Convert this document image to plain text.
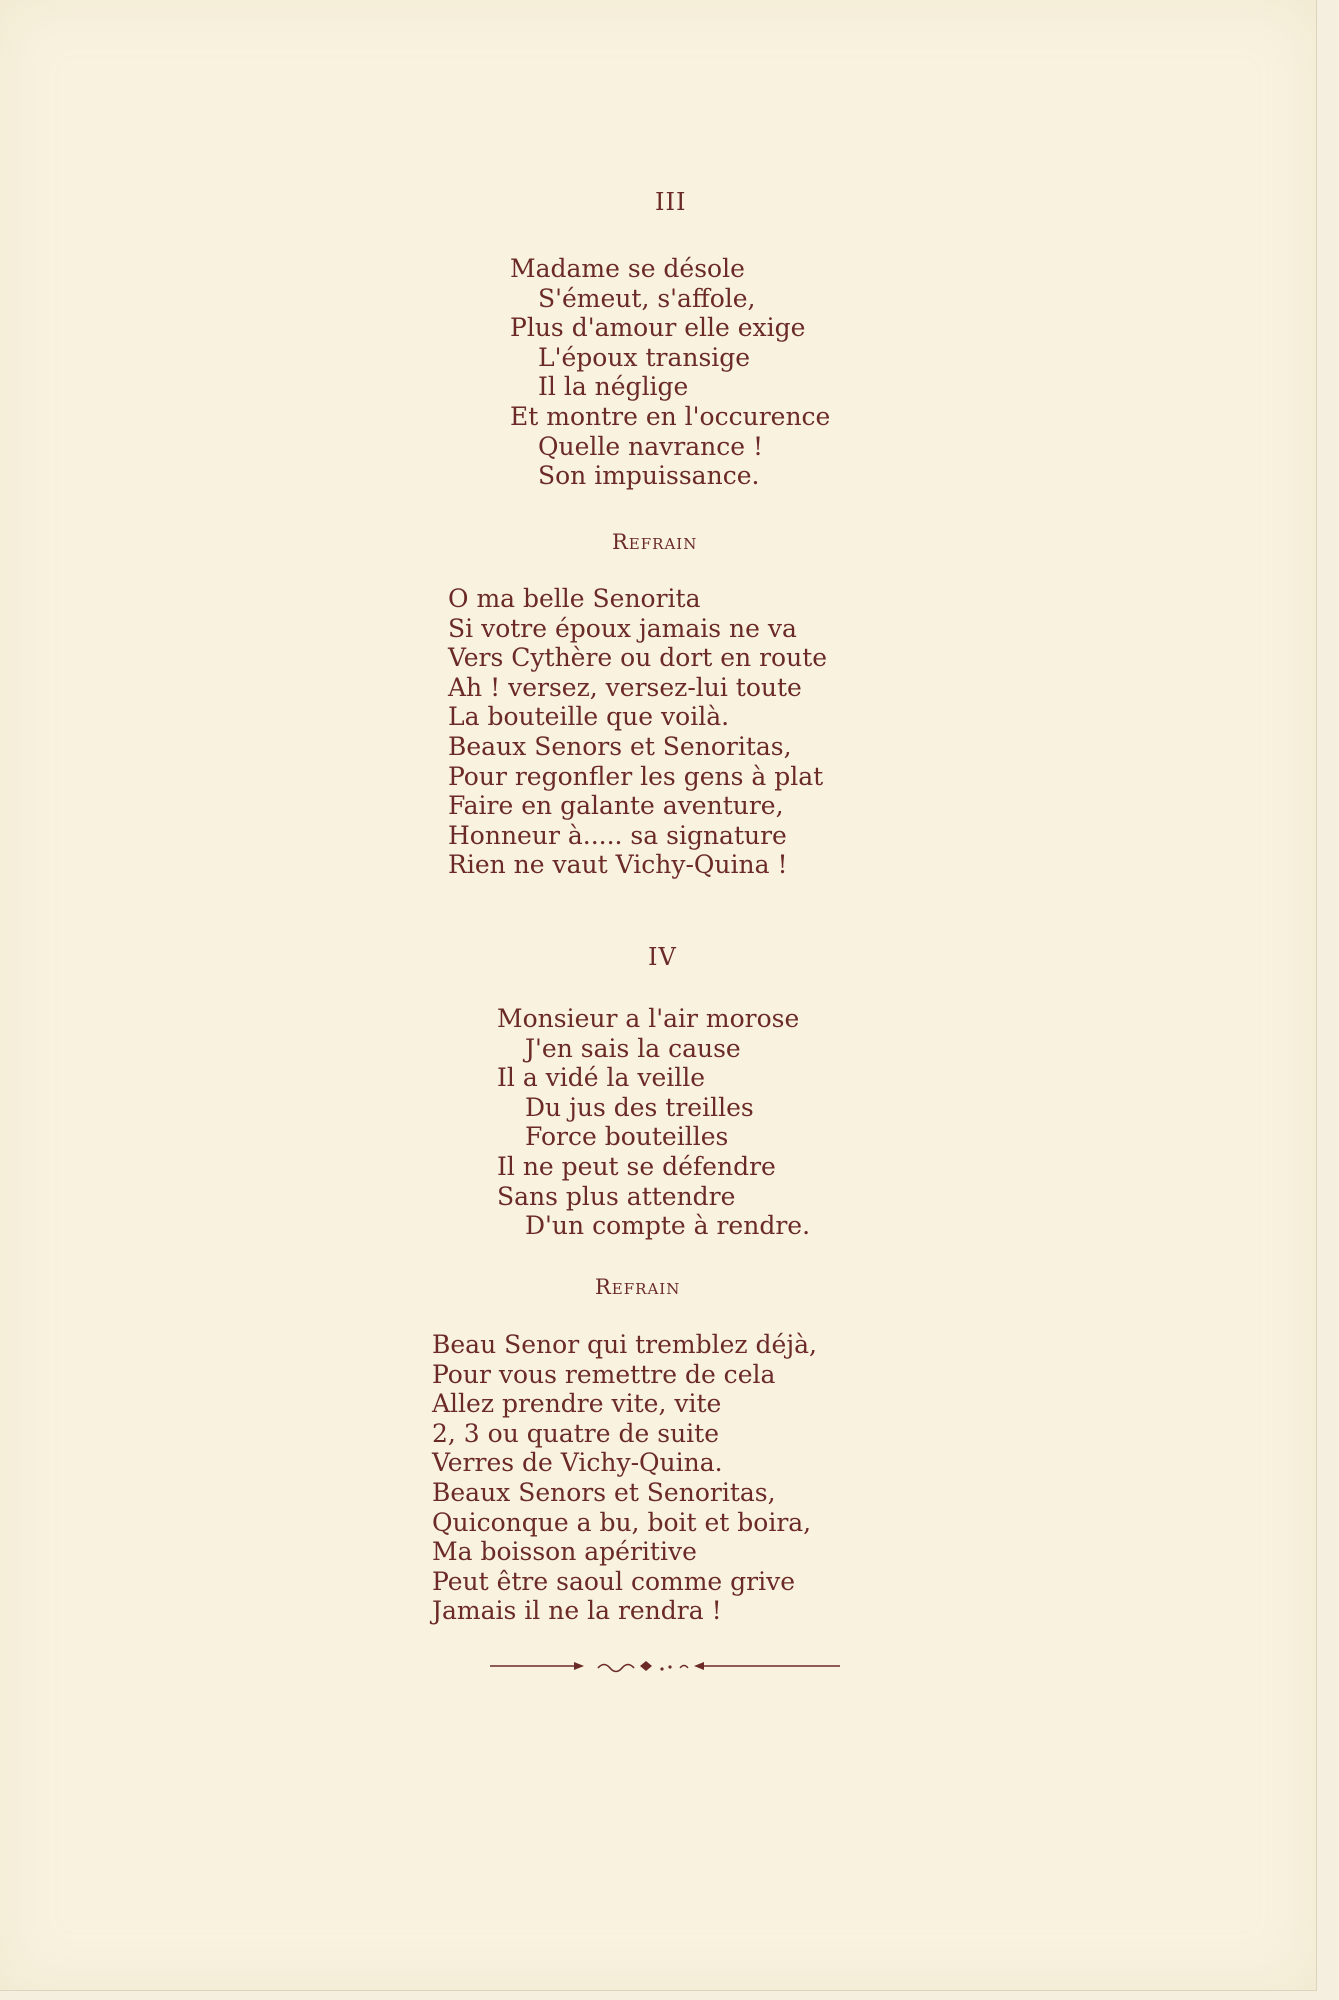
III
Madame se désole
S'émeut, s'affole,
Plus d'amour elle exige
L'époux transige
Il la néglige
Et montre en l'occurence
Quelle navrance !
Son impuissance.
Refrain
O ma belle Senorita
Si votre époux jamais ne va
Vers Cythère ou dort en route
Ah ! versez, versez-lui toute
La bouteille que voilà.
Beaux Senors et Senoritas,
Pour regonfler les gens à plat
Faire en galante aventure,
Honneur à..... sa signature
Rien ne vaut Vichy-Quina !
IV
Monsieur a l'air morose
J'en sais la cause
Il a vidé la veille
Du jus des treilles
Force bouteilles
Il ne peut se défendre
Sans plus attendre
D'un compte à rendre.
Refrain
Beau Senor qui tremblez déjà,
Pour vous remettre de cela
Allez prendre vite, vite
2, 3 ou quatre de suite
Verres de Vichy-Quina.
Beaux Senors et Senoritas,
Quiconque a bu, boit et boira,
Ma boisson apéritive
Peut être saoul comme grive
Jamais il ne la rendra !
